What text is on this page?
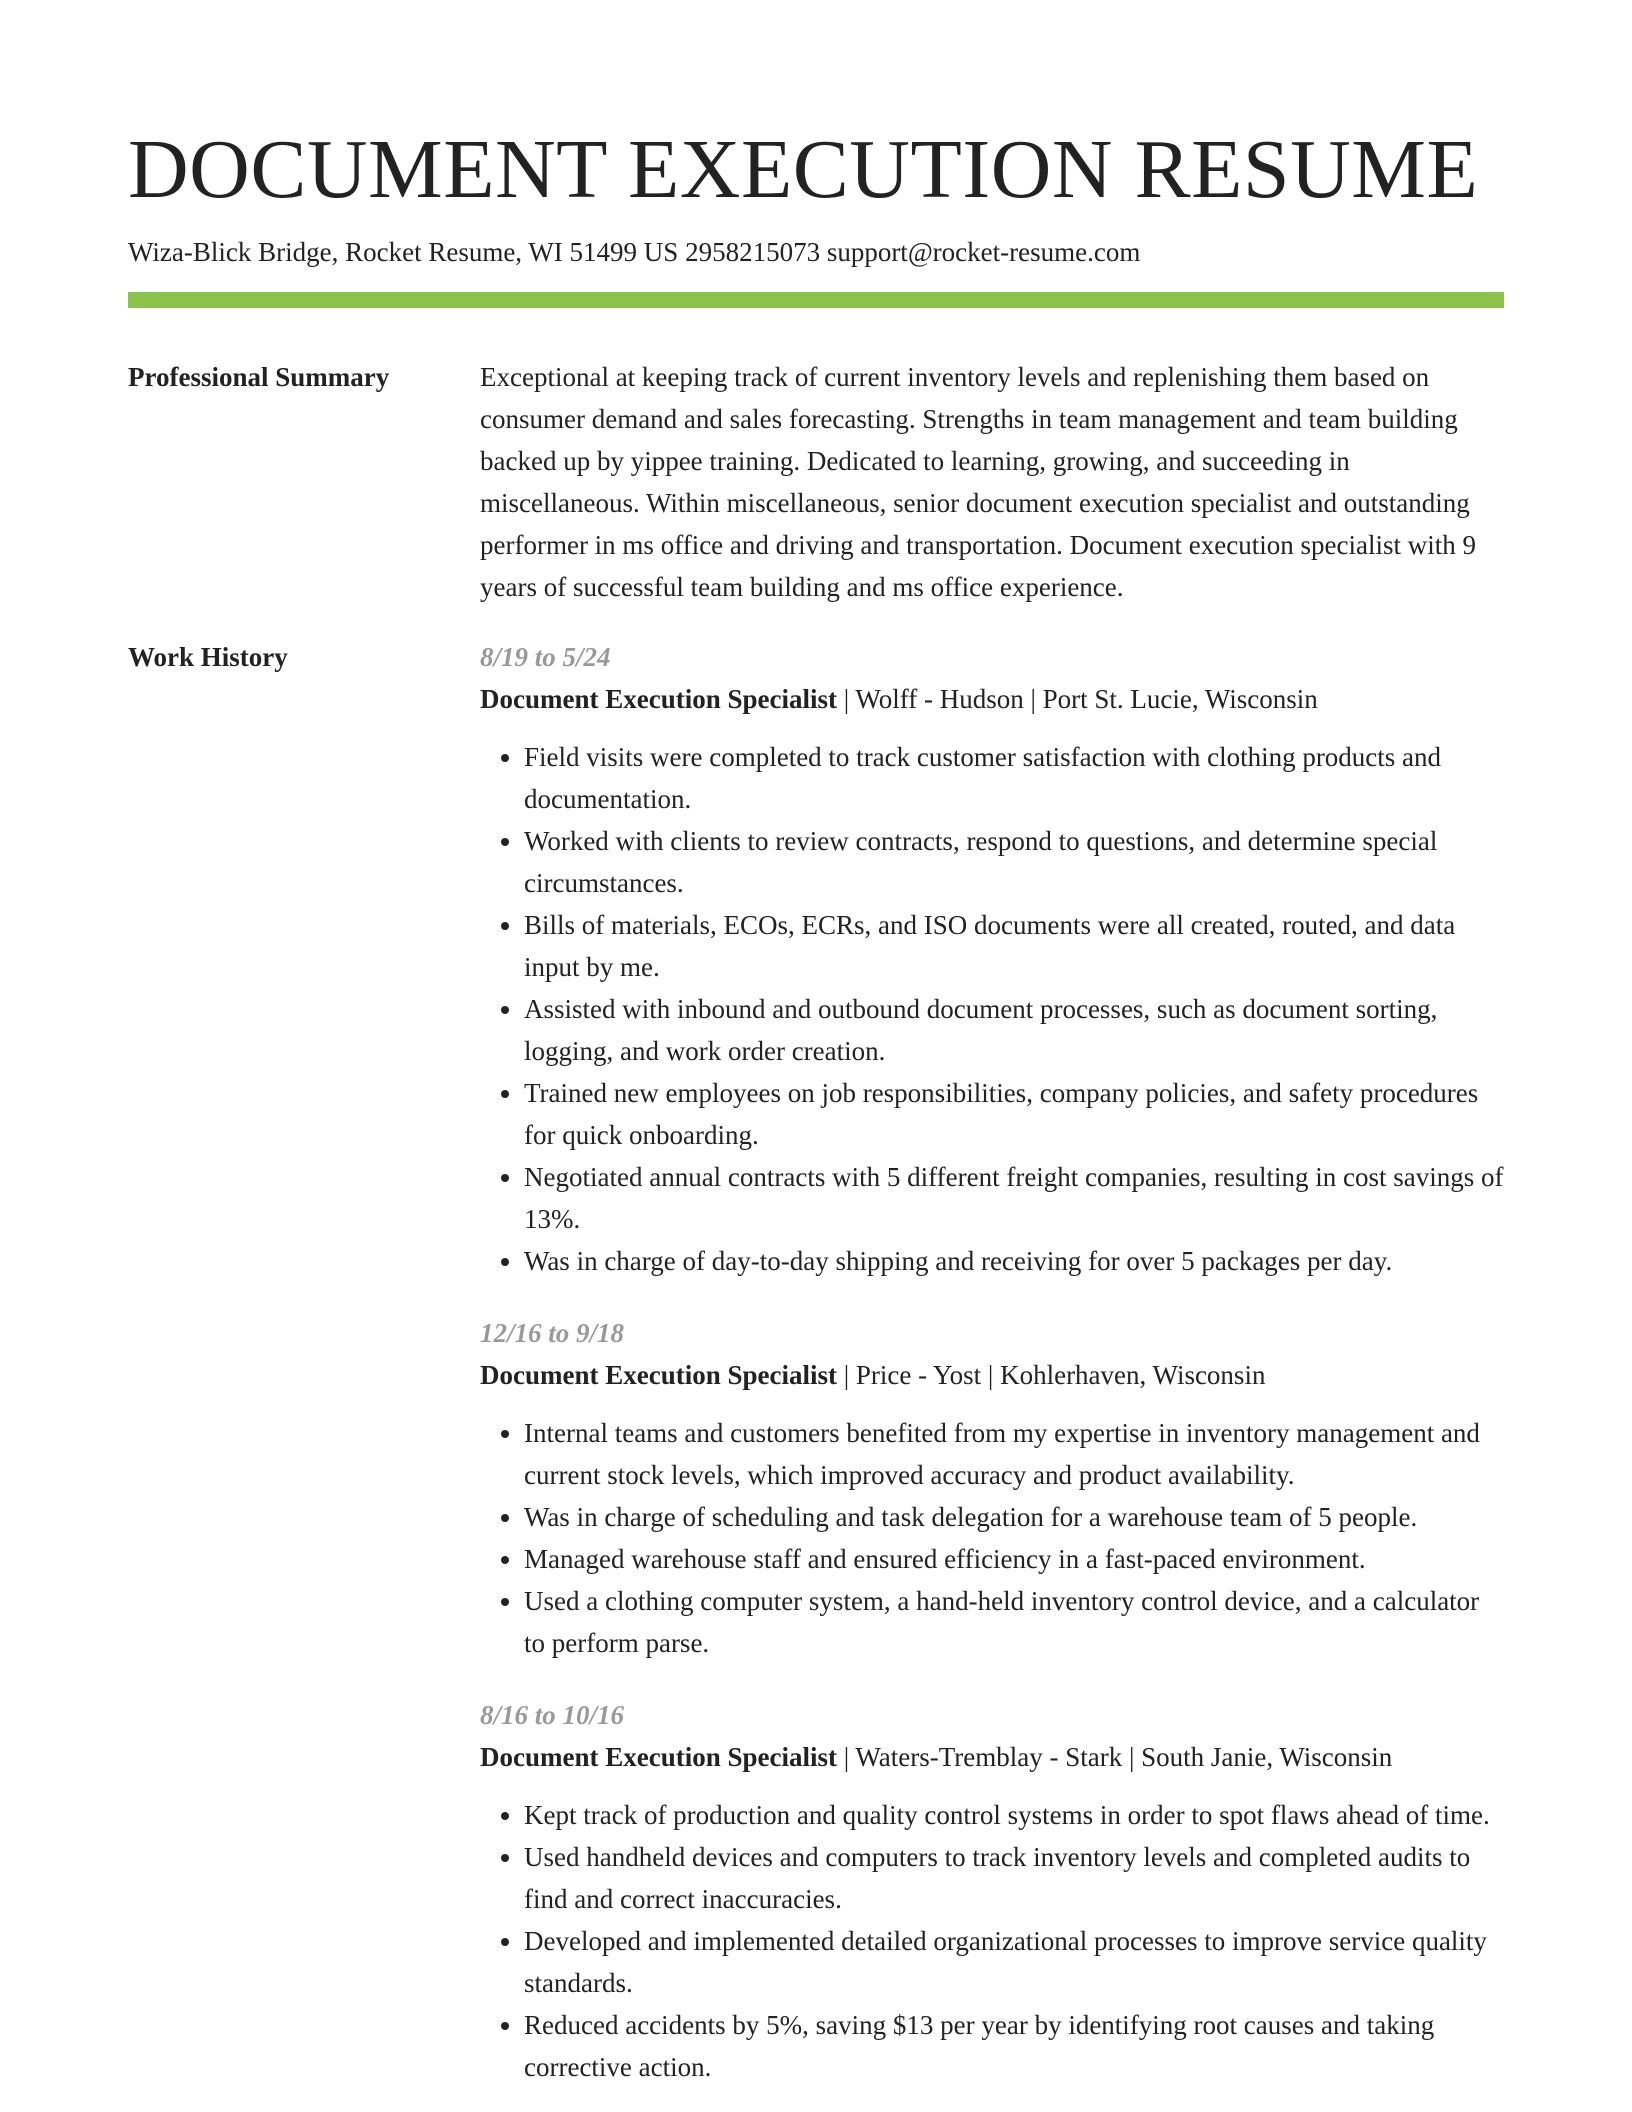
DOCUMENT EXECUTION RESUME
Wiza-Blick Bridge, Rocket Resume, WI 51499 US 2958215073 support@rocket-resume.com
Professional Summary	Exceptional at keeping track of current inventory levels and replenishing them based on consumer demand and sales forecasting. Strengths in team management and team building backed up by yippee training. Dedicated to learning, growing, and succeeding in miscellaneous. Within miscellaneous, senior document execution specialist and outstanding performer in ms office and driving and transportation. Document execution specialist with 9 years of successful team building and ms office experience.

Work History	8/19 to 5/24
Document Execution Specialist | Wolff - Hudson | Port St. Lucie, Wisconsin
• Field visits were completed to track customer satisfaction with clothing products and documentation.
• Worked with clients to review contracts, respond to questions, and determine special circumstances.
• Bills of materials, ECOs, ECRs, and ISO documents were all created, routed, and data input by me.
• Assisted with inbound and outbound document processes, such as document sorting, logging, and work order creation.
• Trained new employees on job responsibilities, company policies, and safety procedures for quick onboarding.
• Negotiated annual contracts with 5 different freight companies, resulting in cost savings of 13%.
• Was in charge of day-to-day shipping and receiving for over 5 packages per day.
12/16 to 9/18
Document Execution Specialist | Price - Yost | Kohlerhaven, Wisconsin
• Internal teams and customers benefited from my expertise in inventory management and current stock levels, which improved accuracy and product availability.
• Was in charge of scheduling and task delegation for a warehouse team of 5 people.
• Managed warehouse staff and ensured efficiency in a fast-paced environment.
• Used a clothing computer system, a hand-held inventory control device, and a calculator to perform parse.
8/16 to 10/16
Document Execution Specialist | Waters-Tremblay - Stark | South Janie, Wisconsin
• Kept track of production and quality control systems in order to spot flaws ahead of time.
• Used handheld devices and computers to track inventory levels and completed audits to find and correct inaccuracies.
• Developed and implemented detailed organizational processes to improve service quality standards.
• Reduced accidents by 5%, saving $13 per year by identifying root causes and taking corrective action.
